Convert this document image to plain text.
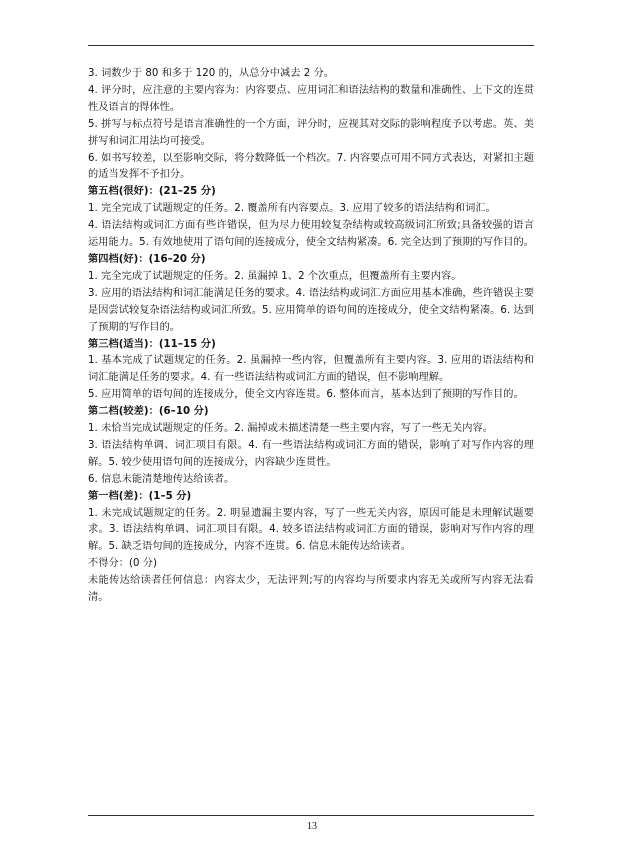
3. 词数少于 80 和多于 120 的，从总分中减去 2 分。

4. 评分时，应注意的主要内容为：内容要点、应用词汇和语法结构的数量和准确性、上下文的连贯性及语言的得体性。

5. 拼写与标点符号是语言准确性的一个方面，评分时，应视其对交际的影响程度予以考虑。英、美拼写和词汇用法均可接受。

6. 如书写较差，以至影响交际，将分数降低一个档次。7. 内容要点可用不同方式表达，对紧扣主题的适当发挥不予扣分。

第五档(很好)：(21–25 分)

1. 完全完成了试题规定的任务。2. 覆盖所有内容要点。3. 应用了较多的语法结构和词汇。

4. 语法结构或词汇方面有些许错误，但为尽力使用较复杂结构或较高级词汇所致;具备较强的语言运用能力。5. 有效地使用了语句间的连接成分，使全文结构紧凑。6. 完全达到了预期的写作目的。

第四档(好)：(16–20 分)

1. 完全完成了试题规定的任务。2. 虽漏掉 1、2 个次重点，但覆盖所有主要内容。

3. 应用的语法结构和词汇能满足任务的要求。4. 语法结构或词汇方面应用基本准确，些许错误主要是因尝试较复杂语法结构或词汇所致。5. 应用简单的语句间的连接成分，使全文结构紧凑。6. 达到了预期的写作目的。

第三档(适当)：(11–15 分)

1. 基本完成了试题规定的任务。2. 虽漏掉一些内容，但覆盖所有主要内容。3. 应用的语法结构和词汇能满足任务的要求。4. 有一些语法结构或词汇方面的错误，但不影响理解。

5. 应用简单的语句间的连接成分，使全文内容连贯。6. 整体而言，基本达到了预期的写作目的。

第二档(较差)：(6–10 分)

1. 未恰当完成试题规定的任务。2. 漏掉或未描述清楚一些主要内容，写了一些无关内容。

3. 语法结构单调、词汇项目有限。4. 有一些语法结构或词汇方面的错误，影响了对写作内容的理解。5. 较少使用语句间的连接成分，内容缺少连贯性。

6. 信息未能清楚地传达给读者。

第一档(差)：(1–5 分)

1. 未完成试题规定的任务。2. 明显遗漏主要内容，写了一些无关内容，原因可能是未理解试题要求。3. 语法结构单调、词汇项目有限。4. 较多语法结构或词汇方面的错误，影响对写作内容的理解。5. 缺乏语句间的连接成分，内容不连贯。6. 信息未能传达给读者。

不得分：(0 分)

未能传达给读者任何信息：内容太少，无法评判;写的内容均与所要求内容无关或所写内容无法看清。

13
